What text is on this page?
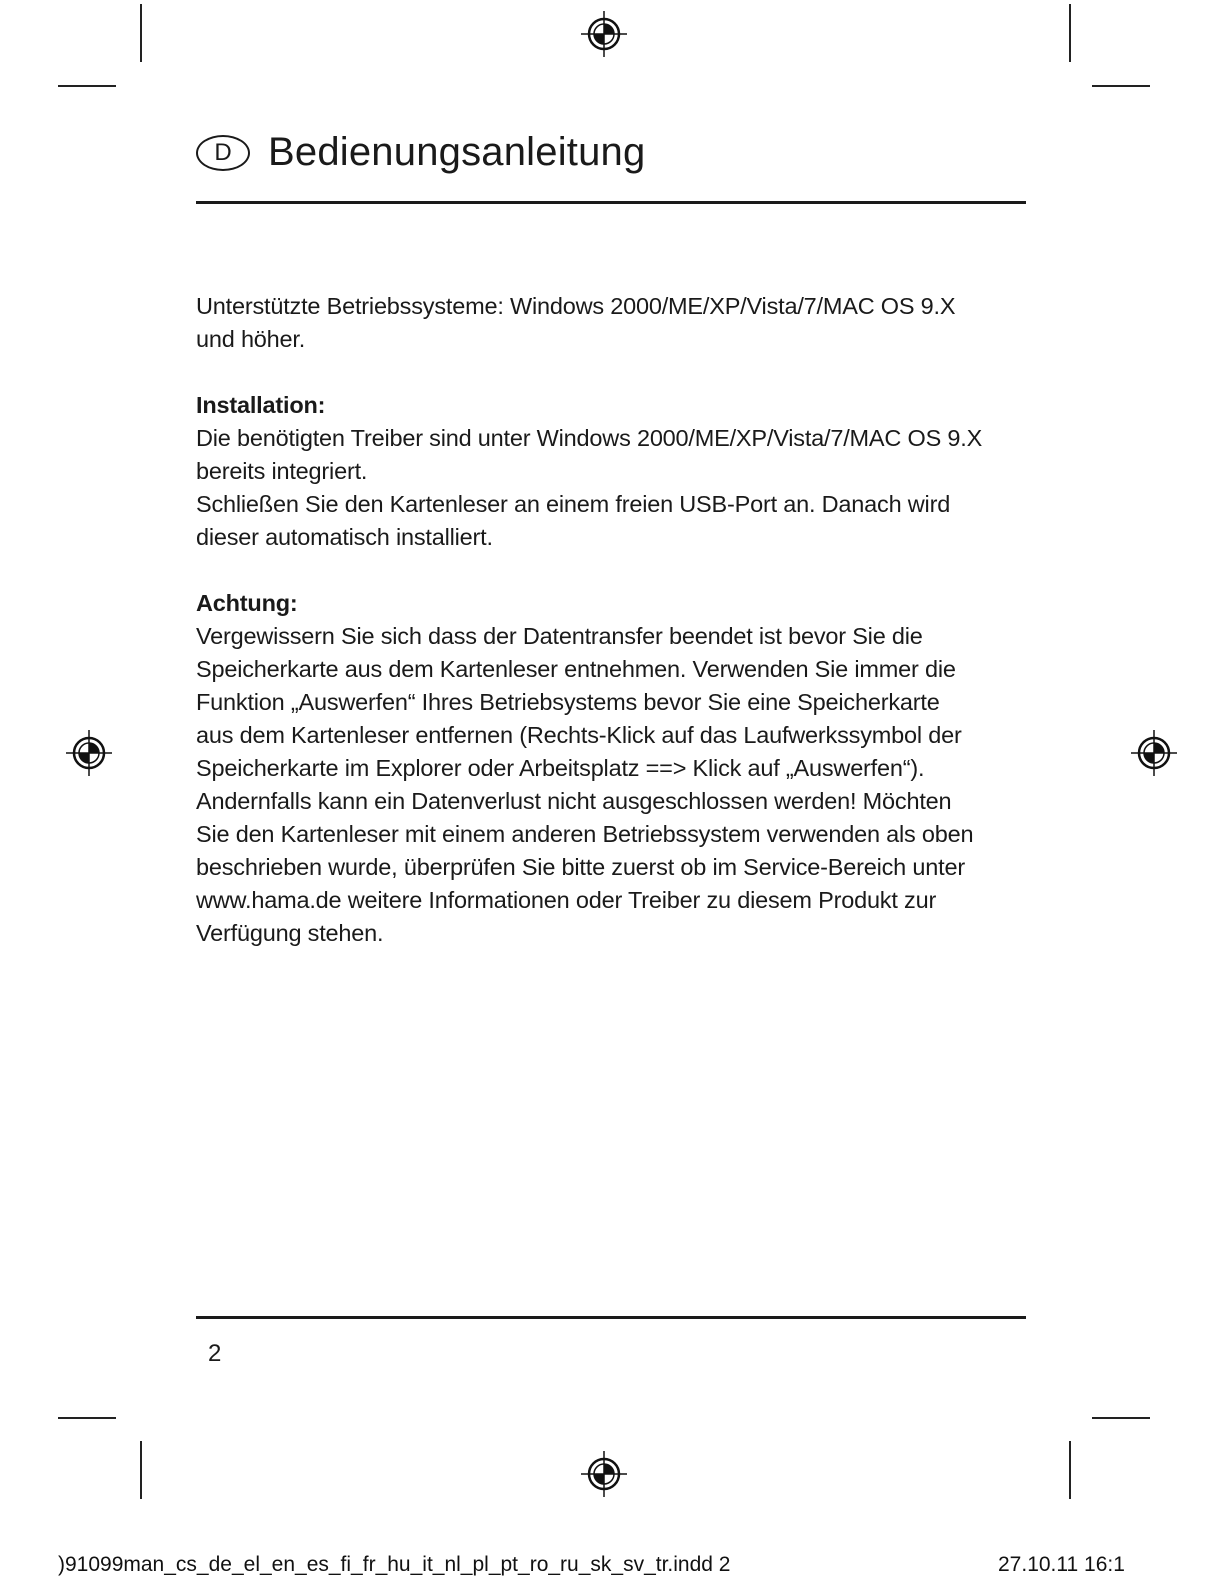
D Bedienungsanleitung

Unterstützte Betriebssysteme: Windows 2000/ME/XP/Vista/7/MAC OS 9.X

und höher.

Installation:

Die benötigten Treiber sind unter Windows 2000/ME/XP/Vista/7/MAC OS 9.X

bereits integriert.

Schließen Sie den Kartenleser an einem freien USB-Port an. Danach wird

dieser automatisch installiert.

Achtung:

Vergewissern Sie sich dass der Datentransfer beendet ist bevor Sie die

Speicherkarte aus dem Kartenleser entnehmen. Verwenden Sie immer die

Funktion „Auswerfen“ Ihres Betriebsystems bevor Sie eine Speicherkarte

aus dem Kartenleser entfernen (Rechts-Klick auf das Laufwerkssymbol der

Speicherkarte im Explorer oder Arbeitsplatz ==> Klick auf „Auswerfen“).

Andernfalls kann ein Datenverlust nicht ausgeschlossen werden! Möchten

Sie den Kartenleser mit einem anderen Betriebssystem verwenden als oben

beschrieben wurde, überprüfen Sie bitte zuerst ob im Service-Bereich unter

www.hama.de weitere Informationen oder Treiber zu diesem Produkt zur

Verfügung stehen.

2
)91099man_cs_de_el_en_es_fi_fr_hu_it_nl_pl_pt_ro_ru_sk_sv_tr.indd 2	27.10.11 16:1
